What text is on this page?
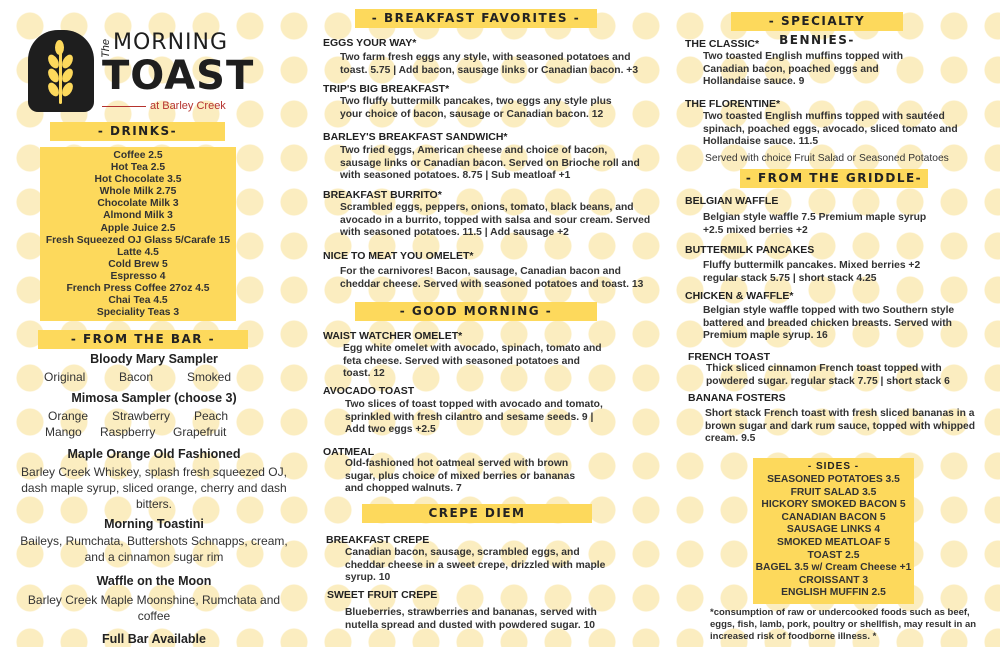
The MORNING
TOAST
at Barley Creek
- DRINKS-
Coffee 2.5
Hot Tea 2.5
Hot Chocolate 3.5
Whole Milk 2.75
Chocolate Milk 3
Almond Milk 3
Apple Juice 2.5
Fresh Squeezed OJ Glass 5/Carafe 15
Latte 4.5
Cold Brew 5
Espresso 4
French Press Coffee 27oz 4.5
Chai Tea 4.5
Speciality Teas 3
- FROM THE BAR -
Bloody Mary Sampler
Original	Bacon	Smoked
Mimosa Sampler (choose 3)
Orange Strawberry Peach
Mango Raspberry Grapefruit
Maple Orange Old Fashioned
Barley Creek Whiskey, splash fresh squeezed OJ, dash maple syrup, sliced orange, cherry and dash bitters.
Morning Toastini
Baileys, Rumchata, Buttershots Schnapps, cream, and a cinnamon sugar rim
Waffle on the Moon
Barley Creek Maple Moonshine, Rumchata and coffee
Full Bar Available
- BREAKFAST FAVORITES -
EGGS YOUR WAY*
Two farm fresh eggs any style, with seasoned potatoes and toast. 5.75 | Add bacon, sausage links or Canadian bacon. +3
TRIP'S BIG BREAKFAST*
Two fluffy buttermilk pancakes, two eggs any style plus your choice of bacon, sausage or Canadian bacon. 12
BARLEY'S BREAKFAST SANDWICH*
Two fried eggs, American cheese and choice of bacon, sausage links or Canadian bacon. Served on Brioche roll and with seasoned potatoes. 8.75 | Sub meatloaf +1
BREAKFAST BURRITO*
Scrambled eggs, peppers, onions, tomato, black beans, and avocado in a burrito, topped with salsa and sour cream. Served with seasoned potatoes. 11.5 | Add sausage +2
NICE TO MEAT YOU OMELET*
For the carnivores! Bacon, sausage, Canadian bacon and cheddar cheese. Served with seasoned potatoes and toast. 13
- GOOD MORNING -
WAIST WATCHER OMELET*
Egg white omelet with avocado, spinach, tomato and feta cheese. Served with seasoned potatoes and toast. 12
AVOCADO TOAST
Two slices of toast topped with avocado and tomato, sprinkled with fresh cilantro and sesame seeds. 9 | Add two eggs +2.5
OATMEAL
Old-fashioned hot oatmeal served with brown sugar, plus choice of mixed berries or bananas and chopped walnuts. 7
CREPE DIEM
BREAKFAST CREPE
Canadian bacon, sausage, scrambled eggs, and cheddar cheese in a sweet crepe, drizzled with maple syrup. 10
SWEET FRUIT CREPE
Blueberries, strawberries and bananas, served with nutella spread and dusted with powdered sugar. 10
- SPECIALTY BENNIES-
THE CLASSIC*
Two toasted English muffins topped with Canadian bacon, poached eggs and Hollandaise sauce. 9
THE FLORENTINE*
Two toasted English muffins topped with sautéed spinach, poached eggs, avocado, sliced tomato and Hollandaise sauce. 11.5
Served with choice Fruit Salad or Seasoned Potatoes
- FROM THE GRIDDLE-
BELGIAN WAFFLE
Belgian style waffle 7.5 Premium maple syrup +2.5 mixed berries +2
BUTTERMILK PANCAKES
Fluffy buttermilk pancakes. Mixed berries +2 regular stack 5.75 | short stack 4.25
CHICKEN & WAFFLE*
Belgian style waffle topped with two Southern style battered and breaded chicken breasts. Served with Premium maple syrup. 16
FRENCH TOAST
Thick sliced cinnamon French toast topped with powdered sugar. regular stack 7.75 | short stack 6
BANANA FOSTERS
Short stack French toast with fresh sliced bananas in a brown sugar and dark rum sauce, topped with whipped cream. 9.5
- SIDES -
SEASONED POTATOES 3.5
FRUIT SALAD 3.5
HICKORY SMOKED BACON 5
CANADIAN BACON 5
SAUSAGE LINKS 4
SMOKED MEATLOAF 5
TOAST 2.5
BAGEL 3.5 w/ Cream Cheese +1
CROISSANT 3
ENGLISH MUFFIN 2.5
*consumption of raw or undercooked foods such as beef, eggs, fish, lamb, pork, poultry or shellfish, may result in an increased risk of foodborne illness. *
